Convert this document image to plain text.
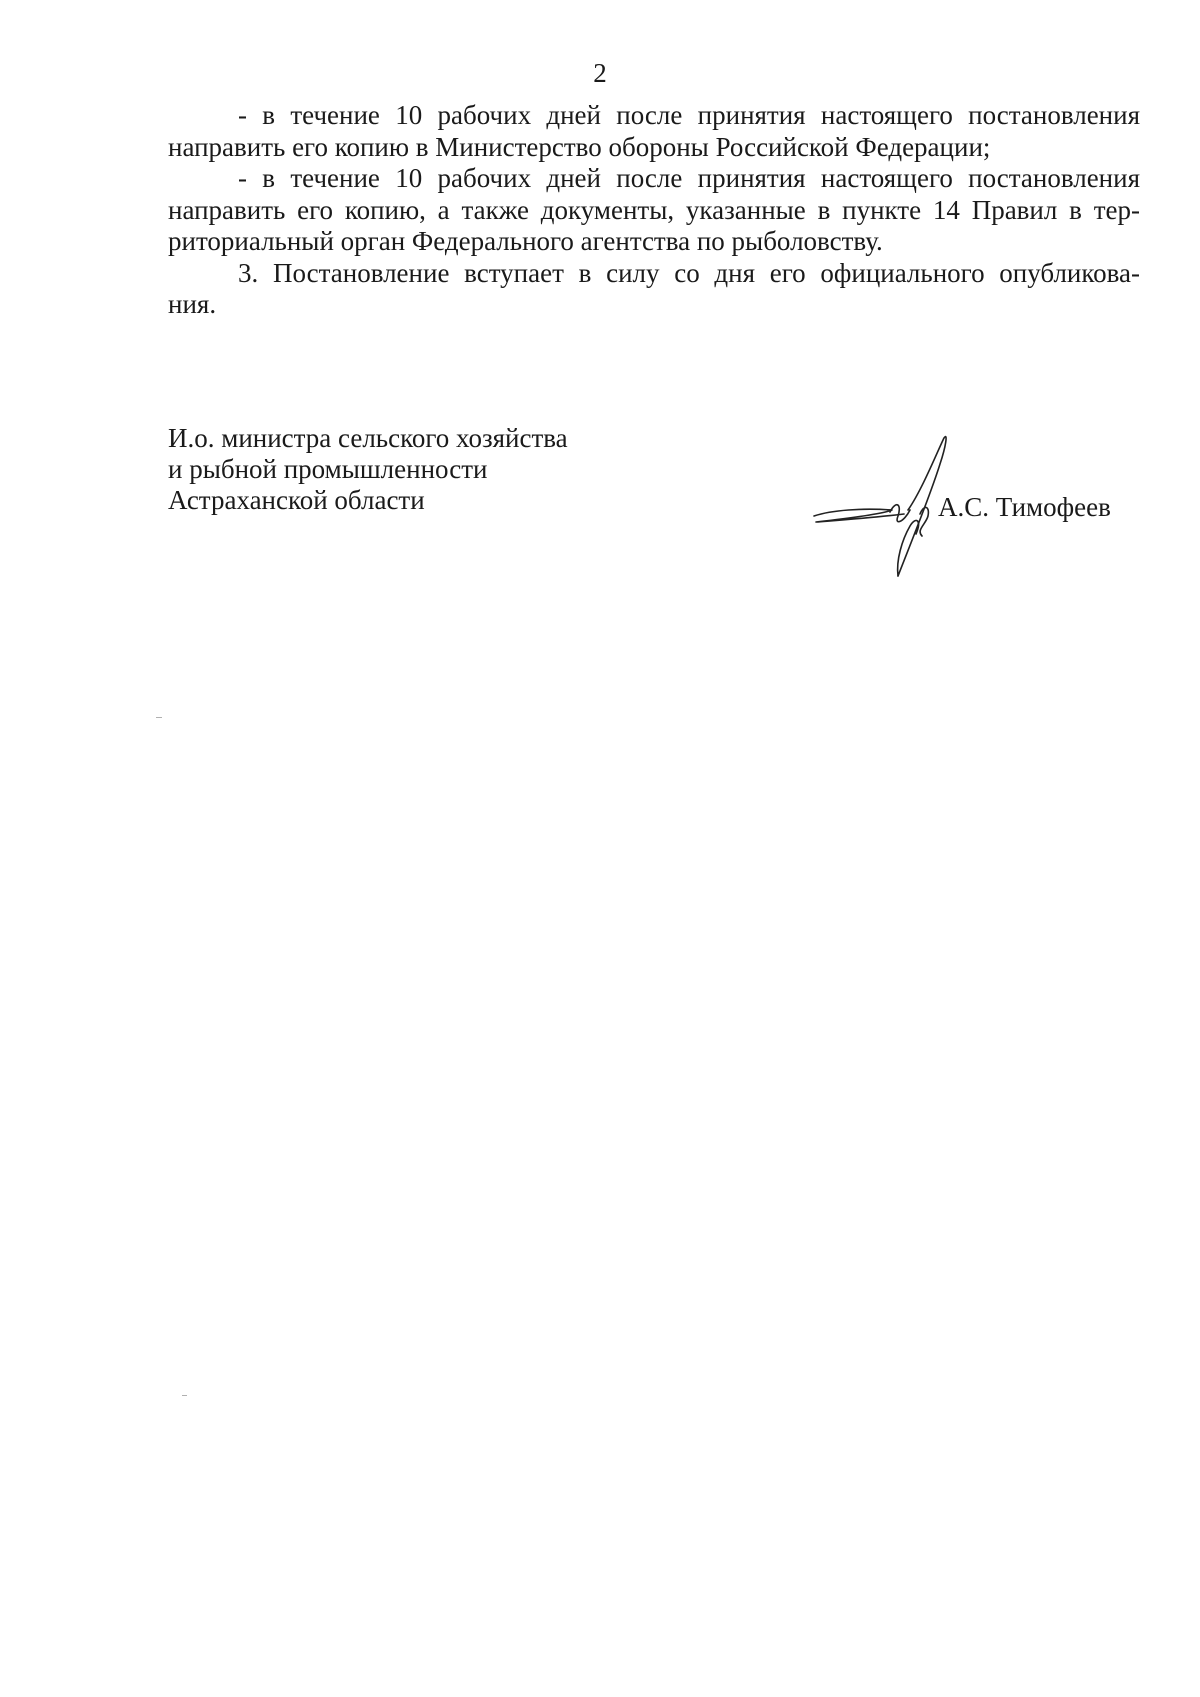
2
- в течение 10 рабочих дней после принятия настоящего постановления
направить его копию в Министерство обороны Российской Федерации;
- в течение 10 рабочих дней после принятия настоящего постановления
направить его копию, а также документы, указанные в пункте 14 Правил в тер-
риториальный орган Федерального агентства по рыболовству.
3. Постановление вступает в силу со дня его официального опубликова-
ния.
И.о. министра сельского хозяйства
и рыбной промышленности
Астраханской области	А.С. Тимофеев
